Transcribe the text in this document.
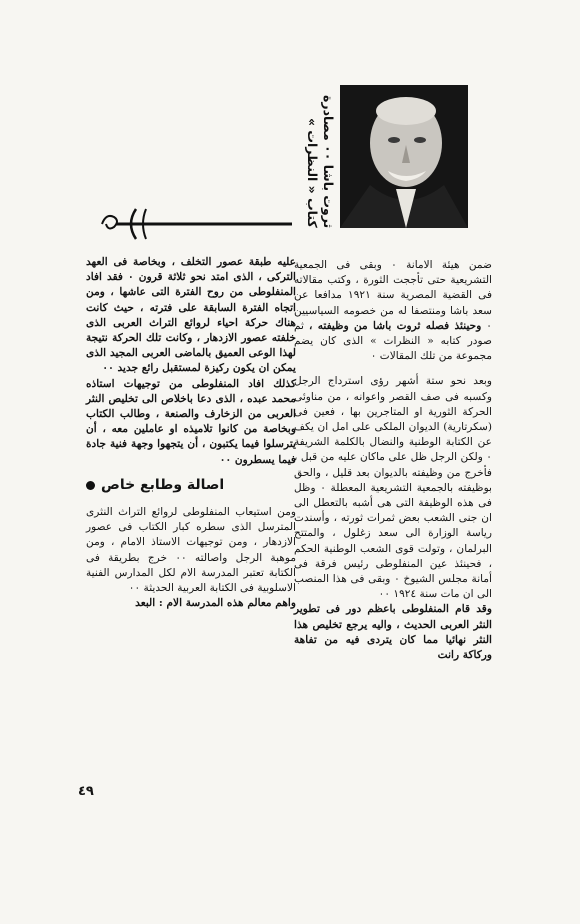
ثروت باشا ٠٠ مصادرة
كتاب « النظرات »

عليه طبقة عصور التخلف ، وبخاصة فى العهد التركى ، الذى امتد نحو ثلاثة قرون ٠ فقد افاد المنفلوطى من روح الفترة التى عاشها ، ومن اتجاه الفترة السابقة على فترته ، حيث كانت هناك حركة احياء لروائع التراث العربى الذى خلفته عصور الازدهار ، وكانت تلك الحركة نتيجة لهذا الوعى العميق بالماضى العربى المجيد الذى يمكن ان يكون ركيزة لمستقبل رائع جديد ٠٠

كذلك افاد المنفلوطى من توجيهات استاذه محمد عبده ، الذى دعا باخلاص الى تخليص النثر العربى من الزخارف والصنعة ، وطالب الكتاب وبخاصة من كانوا تلاميذه او عاملين معه ، أن يترسلوا فيما يكتبون ، أن يتجهوا وجهة فنية جادة فيما يسطرون ٠٠

اصالة وطابع خاص

ومن استيعاب المنفلوطى لروائع التراث النثرى المترسل الذى سطره كبار الكتاب فى عصور الازدهار ، ومن توجيهات الاستاذ الامام ، ومن موهبة الرجل واصالته ٠٠ خرج بطريقة فى الكتابة تعتبر المدرسة الام لكل المدارس الفنية الاسلوبية فى الكتابة العربية الحديثة ٠٠

واهم معالم هذه المدرسة الام : البعد

ضمن هيئة الامانة ٠ وبقى فى الجمعية التشريعية حتى تأججت الثورة ، وكتب مقالاته فى القضية المصرية سنة ١٩٢١ مدافعا عن سعد باشا ومنتصفا له من خصومه السياسيين ٠ وحينئذ فصله ثروت باشا من وظيفته ، ثم صودر كتابه « النظرات » الذى كان يضم مجموعة من تلك المقالات ٠

وبعد نحو ستة أشهر رؤى استرداج الرجل وكسبه فى صف القصر واعوانه ، من مناوئى الحركة الثورية او المتاجرين بها ، فعين فى (سكرتارية) الديوان الملكى على امل ان يكف عن الكتابة الوطنية والنضال بالكلمة الشريفة ٠ ولكن الرجل ظل على ماكان عليه من قبل ، فأخرج من وظيفته بالديوان بعد قليل ، والحق بوظيفته بالجمعية التشريعية المعطلة ٠ وظل فى هذه الوظيفة التى هى أشبه بالتعطل الى ان جنى الشعب بعض ثمرات ثورته ، وأسندت رياسة الوزارة الى سعد زغلول ، والمتتح البرلمان ، وتولت قوى الشعب الوطنية الحكم ، فحينئذ عين المنفلوطى رئيس فرقة فى أمانة مجلس الشيوخ ٠ وبقى فى هذا المنصب الى ان مات سنة ١٩٢٤ ٠٠

وقد قام المنفلوطى باعظم دور فى تطوير النثر العربى الحديث ، واليه يرجع تخليص هذا النثر نهائيا مما كان يتردى فيه من تفاهة وركاكة رانت

٤٩
